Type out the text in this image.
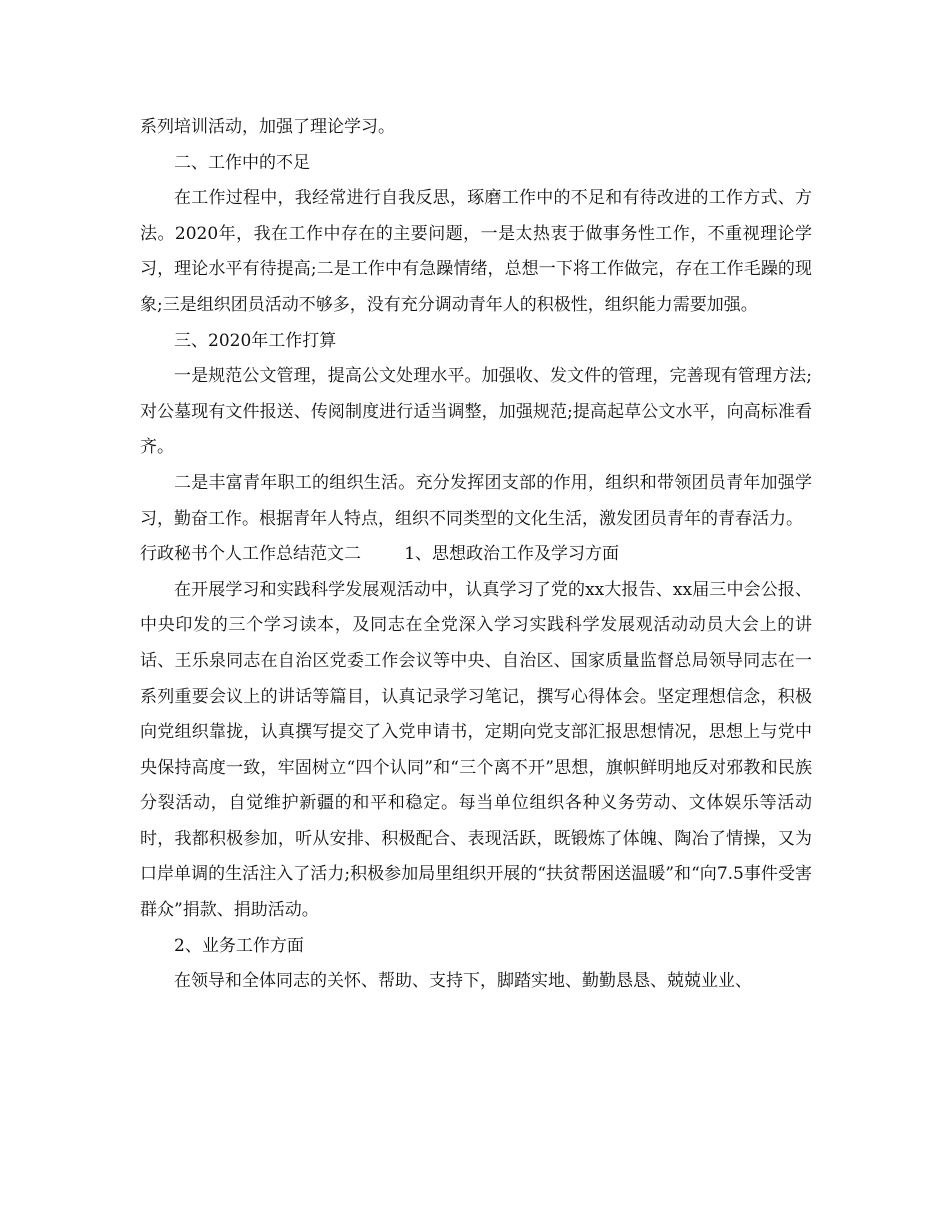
系列培训活动，加强了理论学习。

二、工作中的不足

在工作过程中，我经常进行自我反思，琢磨工作中的不足和有待改进的工作方式、方法。2020年，我在工作中存在的主要问题，一是太热衷于做事务性工作，不重视理论学习，理论水平有待提高;二是工作中有急躁情绪，总想一下将工作做完，存在工作毛躁的现象;三是组织团员活动不够多，没有充分调动青年人的积极性，组织能力需要加强。

三、2020年工作打算

一是规范公文管理，提高公文处理水平。加强收、发文件的管理，完善现有管理方法;对公墓现有文件报送、传阅制度进行适当调整，加强规范;提高起草公文水平，向高标准看齐。

二是丰富青年职工的组织生活。充分发挥团支部的作用，组织和带领团员青年加强学习，勤奋工作。根据青年人特点，组织不同类型的文化生活，激发团员青年的青春活力。

行政秘书个人工作总结范文二	1、思想政治工作及学习方面

在开展学习和实践科学发展观活动中，认真学习了党的xx大报告、xx届三中会公报、中央印发的三个学习读本，及同志在全党深入学习实践科学发展观活动动员大会上的讲话、王乐泉同志在自治区党委工作会议等中央、自治区、国家质量监督总局领导同志在一系列重要会议上的讲话等篇目，认真记录学习笔记，撰写心得体会。坚定理想信念，积极向党组织靠拢，认真撰写提交了入党申请书，定期向党支部汇报思想情况，思想上与党中央保持高度一致，牢固树立“四个认同”和“三个离不开”思想，旗帜鲜明地反对邪教和民族分裂活动，自觉维护新疆的和平和稳定。每当单位组织各种义务劳动、文体娱乐等活动时，我都积极参加，听从安排、积极配合、表现活跃，既锻炼了体魄、陶冶了情操，又为口岸单调的生活注入了活力;积极参加局里组织开展的“扶贫帮困送温暖”和“向7.5事件受害群众”捐款、捐助活动。

2、业务工作方面

在领导和全体同志的关怀、帮助、支持下，脚踏实地、勤勤恳恳、兢兢业业、
